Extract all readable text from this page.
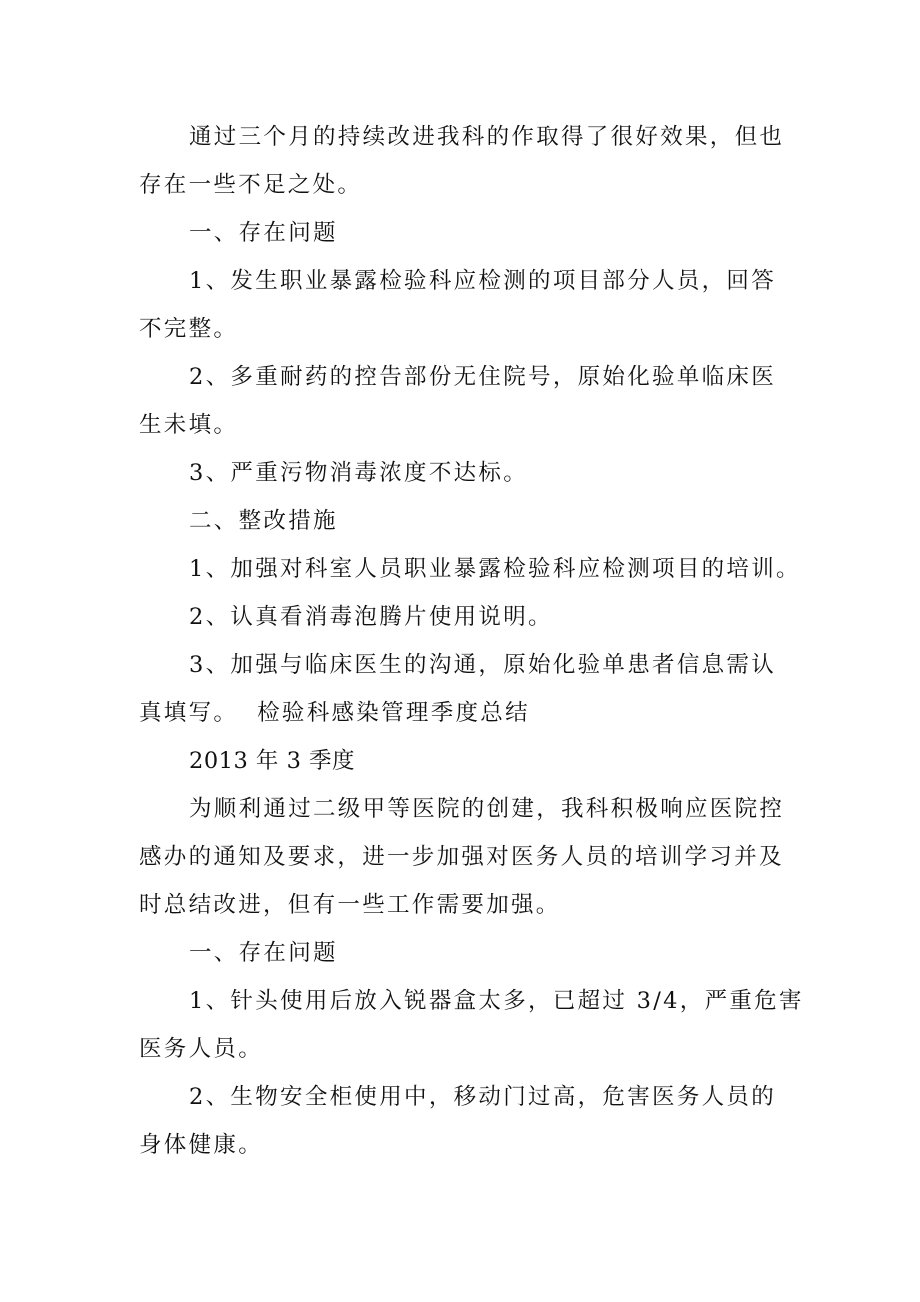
通过三个月的持续改进我科的作取得了很好效果，但也
存在一些不足之处。
一、存在问题
1、发生职业暴露检验科应检测的项目部分人员，回答
不完整。
2、多重耐药的控告部份无住院号，原始化验单临床医
生未填。
3、严重污物消毒浓度不达标。
二、整改措施
1、加强对科室人员职业暴露检验科应检测项目的培训。
2、认真看消毒泡腾片使用说明。
3、加强与临床医生的沟通，原始化验单患者信息需认
真填写。  检验科感染管理季度总结
2013 年 3 季度
为顺利通过二级甲等医院的创建，我科积极响应医院控
感办的通知及要求，进一步加强对医务人员的培训学习并及
时总结改进，但有一些工作需要加强。
一、存在问题
1、针头使用后放入锐器盒太多，已超过 3/4，严重危害
医务人员。
2、生物安全柜使用中，移动门过高，危害医务人员的
身体健康。
